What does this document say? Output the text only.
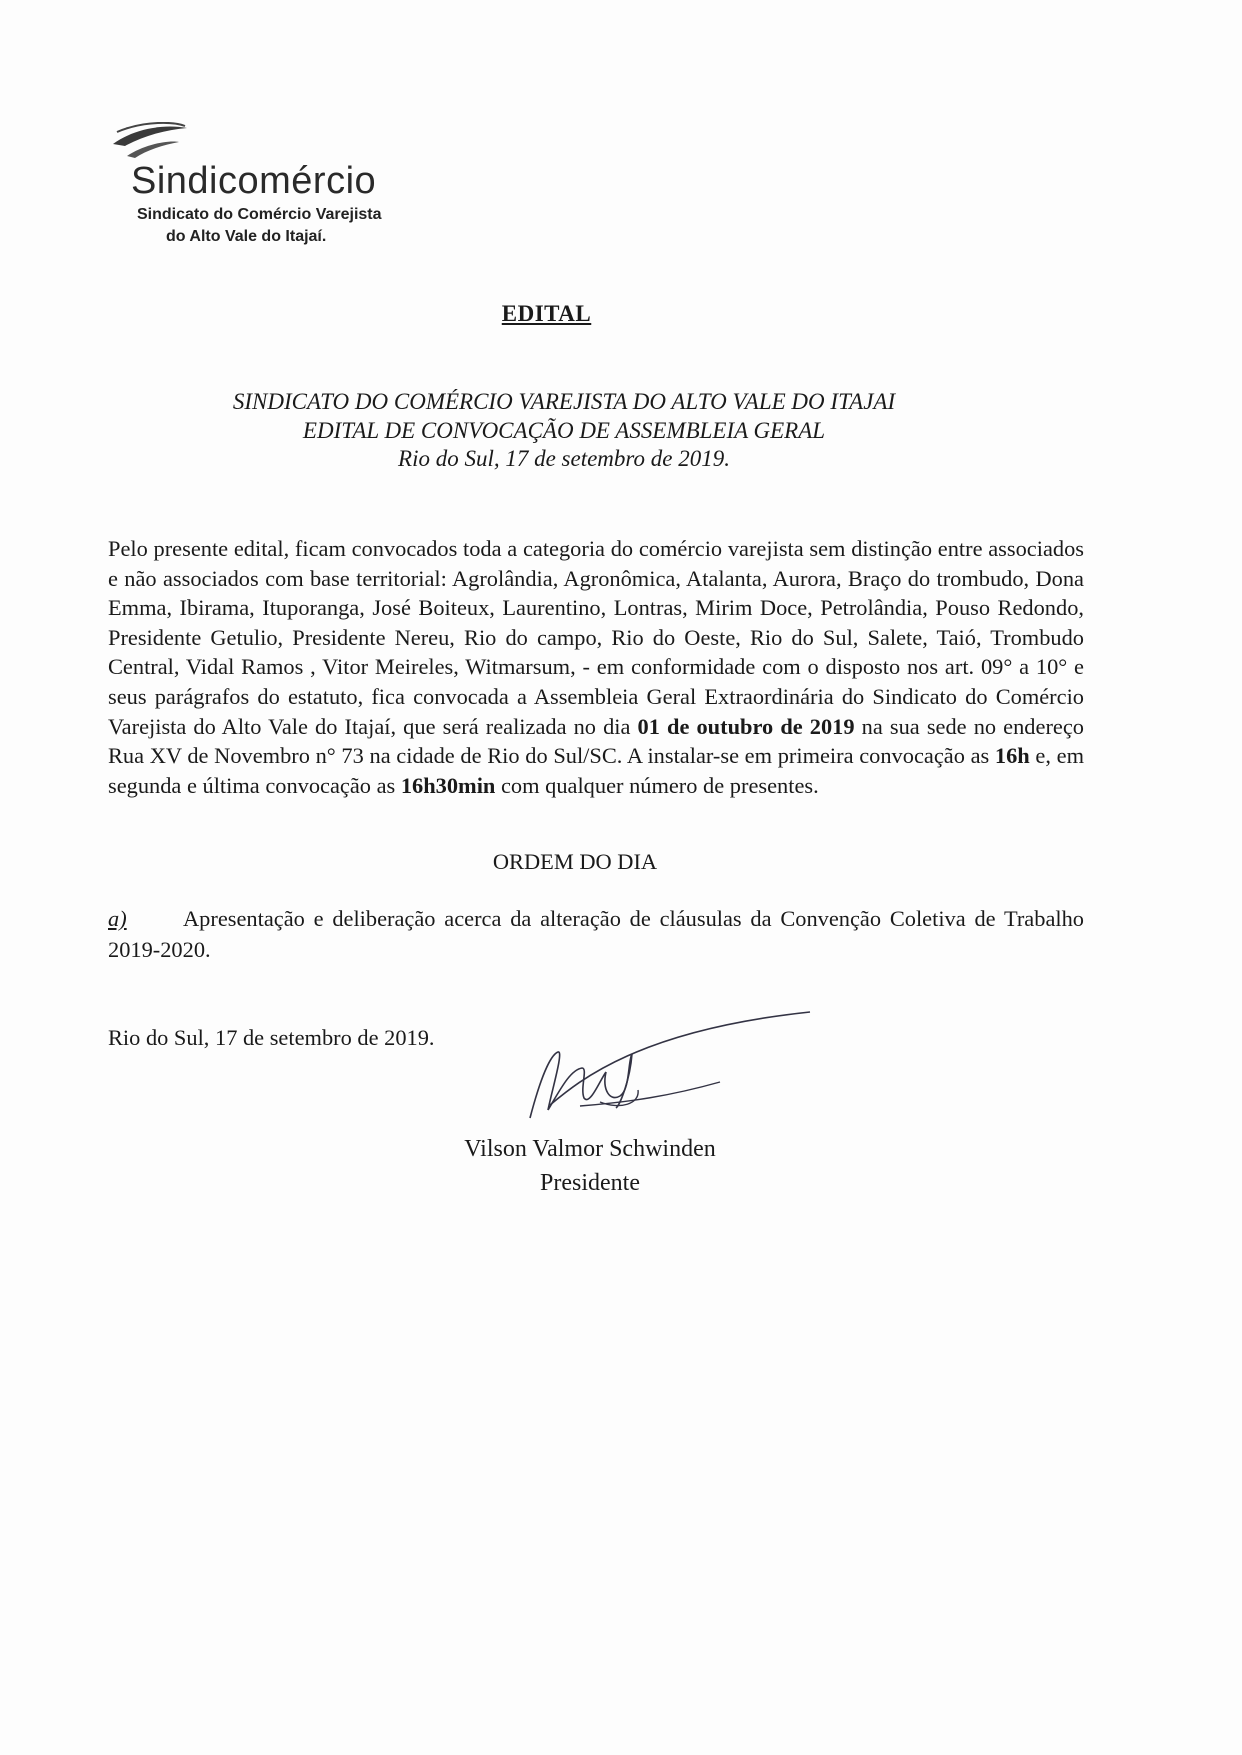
Sindicomércio
Sindicato do Comércio Varejista
do Alto Vale do Itajaí.
EDITAL
SINDICATO DO COMÉRCIO VAREJISTA DO ALTO VALE DO ITAJAI
EDITAL DE CONVOCAÇÃO DE ASSEMBLEIA GERAL
Rio do Sul, 17 de setembro de 2019.
Pelo presente edital, ficam convocados toda a categoria do comércio varejista sem distinção entre associados e não associados com base territorial: Agrolândia, Agronômica, Atalanta, Aurora, Braço do trombudo, Dona Emma, Ibirama, Ituporanga, José Boiteux, Laurentino, Lontras, Mirim Doce, Petrolândia, Pouso Redondo, Presidente Getulio, Presidente Nereu, Rio do campo, Rio do Oeste, Rio do Sul, Salete, Taió, Trombudo Central, Vidal Ramos , Vitor Meireles, Witmarsum, - em conformidade com o disposto nos art. 09° a 10° e seus parágrafos do estatuto, fica convocada a Assembleia Geral Extraordinária do Sindicato do Comércio Varejista do Alto Vale do Itajaí, que será realizada no dia 01 de outubro de 2019 na sua sede no endereço Rua XV de Novembro n° 73 na cidade de Rio do Sul/SC. A instalar-se em primeira convocação as 16h e, em segunda e última convocação as 16h30min com qualquer número de presentes.
ORDEM DO DIA
a)	Apresentação e deliberação acerca da alteração de cláusulas da Convenção Coletiva de Trabalho 2019-2020.
Rio do Sul, 17 de setembro de 2019.
Vilson Valmor Schwinden
Presidente
